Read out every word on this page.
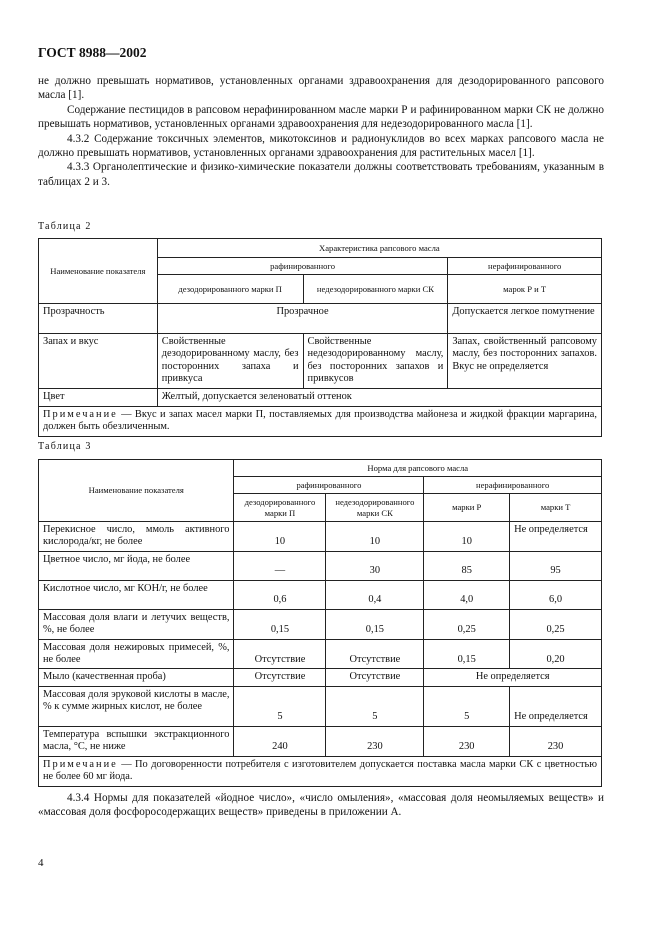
ГОСТ 8988—2002

не должно превышать нормативов, установленных органами здравоохранения для дезодорированного рапсового масла [1].

Содержание пестицидов в рапсовом нерафинированном масле марки Р и рафинированном марки СК не должно превышать нормативов, установленных органами здравоохранения для недезодорированного масла [1].

4.3.2 Содержание токсичных элементов, микотоксинов и радионуклидов во всех марках рапсового масла не должно превышать нормативов, установленных органами здравоохранения для растительных масел [1].

4.3.3 Органолептические и физико-химические показатели должны соответствовать требованиям, указанным в таблицах 2 и 3.

Таблица 2
Наименование показателя	Характеристика рапсового масла		
	рафинированного		нерафинированного
	дезодорированного марки П	недезодорированного марки СК	марок Р и Т
Прозрачность	Прозрачное		Допускается легкое помутнение
Запах и вкус	Свойственные дезодорированному маслу, без посторонних запаха и привкуса	Свойственные недезодорированному маслу, без посторонних запахов и привкусов	Запах, свойственный рапсовому маслу, без посторонних запахов. Вкус не определяется
Цвет	Желтый, допускается зеленоватый оттенок		
Примечание — Вкус и запах масел марки П, поставляемых для производства майонеза и жидкой фракции маргарина, должен быть обезличенным.			
Таблица 3
Наименование показателя	Норма для рапсового масла			
	рафинированного		нерафинированного	
	дезодорированного марки П	недезодорированного марки СК	марки Р	марки Т
Перекисное число, ммоль активного кислорода/кг, не более	10	10	10	Не определяется
Цветное число, мг йода, не более	—	30	85	95
Кислотное число, мг КОН/г, не более	0,6	0,4	4,0	6,0
Массовая доля влаги и летучих веществ, %, не более	0,15	0,15	0,25	0,25
Массовая доля нежировых примесей, %, не более	Отсутствие	Отсутствие	0,15	0,20
Мыло (качественная проба)	Отсутствие	Отсутствие	Не определяется	
Массовая доля эруковой кислоты в масле, % к сумме жирных кислот, не более	5	5	5	Не определяется
Температура вспышки экстракционного масла, °С, не ниже	240	230	230	230
Примечание — По договоренности потребителя с изготовителем допускается поставка масла марки СК с цветностью не более 60 мг йода.				
4.3.4 Нормы для показателей «йодное число», «число омыления», «массовая доля неомыляемых веществ» и «массовая доля фосфоросодержащих веществ» приведены в приложении А.
4
